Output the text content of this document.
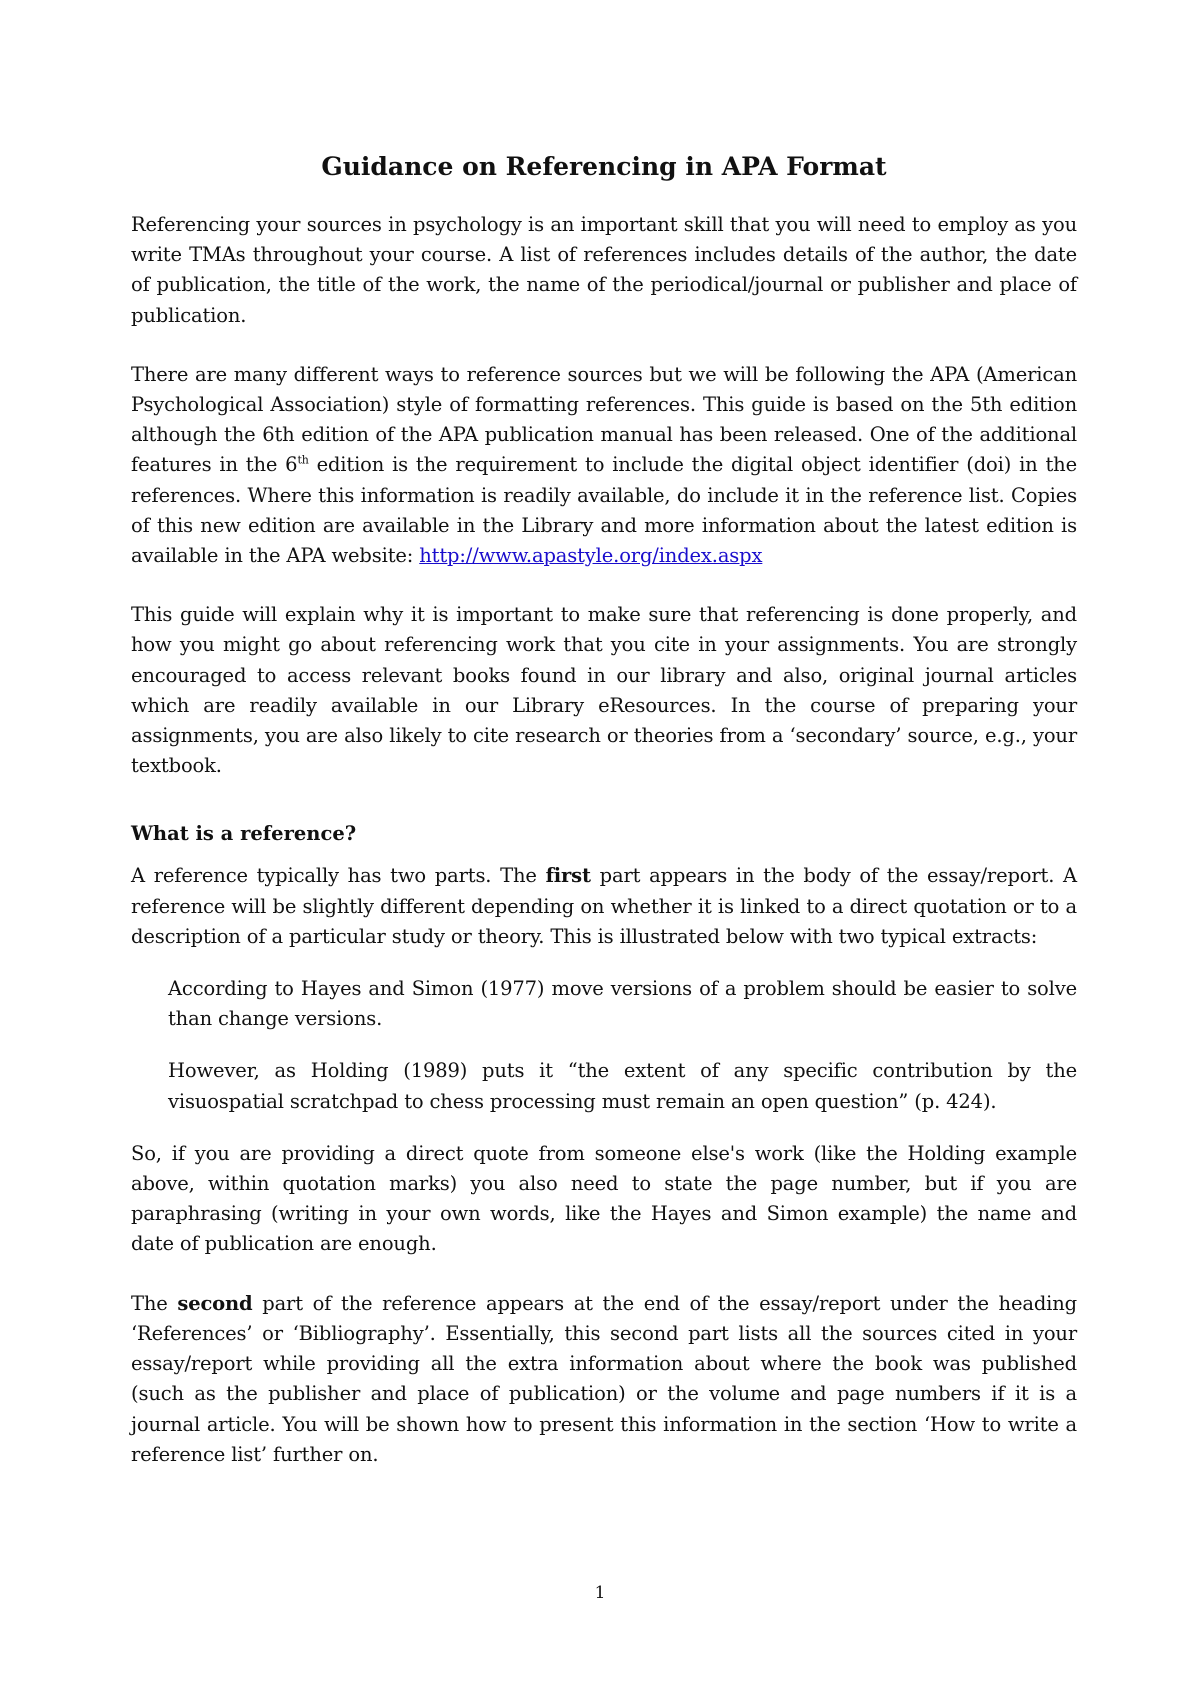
Guidance on Referencing in APA Format

Referencing your sources in psychology is an important skill that you will need to employ as you write TMAs throughout your course. A list of references includes details of the author, the date of publication, the title of the work, the name of the periodical/journal or publisher and place of publication.

There are many different ways to reference sources but we will be following the APA (American Psychological Association) style of formatting references. This guide is based on the 5th edition although the 6th edition of the APA publication manual has been released. One of the additional features in the 6th edition is the requirement to include the digital object identifier (doi) in the references. Where this information is readily available, do include it in the reference list. Copies of this new edition are available in the Library and more information about the latest edition is available in the APA website: http://www.apastyle.org/index.aspx

This guide will explain why it is important to make sure that referencing is done properly, and how you might go about referencing work that you cite in your assignments. You are strongly encouraged to access relevant books found in our library and also, original journal articles which are readily available in our Library eResources. In the course of preparing your assignments, you are also likely to cite research or theories from a ‘secondary’ source, e.g., your textbook.

What is a reference?

A reference typically has two parts. The first part appears in the body of the essay/report. A reference will be slightly different depending on whether it is linked to a direct quotation or to a description of a particular study or theory. This is illustrated below with two typical extracts:

According to Hayes and Simon (1977) move versions of a problem should be easier to solve than change versions.

However, as Holding (1989) puts it “the extent of any specific contribution by the visuospatial scratchpad to chess processing must remain an open question” (p. 424).

So, if you are providing a direct quote from someone else's work (like the Holding example above, within quotation marks) you also need to state the page number, but if you are paraphrasing (writing in your own words, like the Hayes and Simon example) the name and date of publication are enough.

The second part of the reference appears at the end of the essay/report under the heading ‘References’ or ‘Bibliography’. Essentially, this second part lists all the sources cited in your essay/report while providing all the extra information about where the book was published (such as the publisher and place of publication) or the volume and page numbers if it is a journal article. You will be shown how to present this information in the section ‘How to write a reference list’ further on.

1
